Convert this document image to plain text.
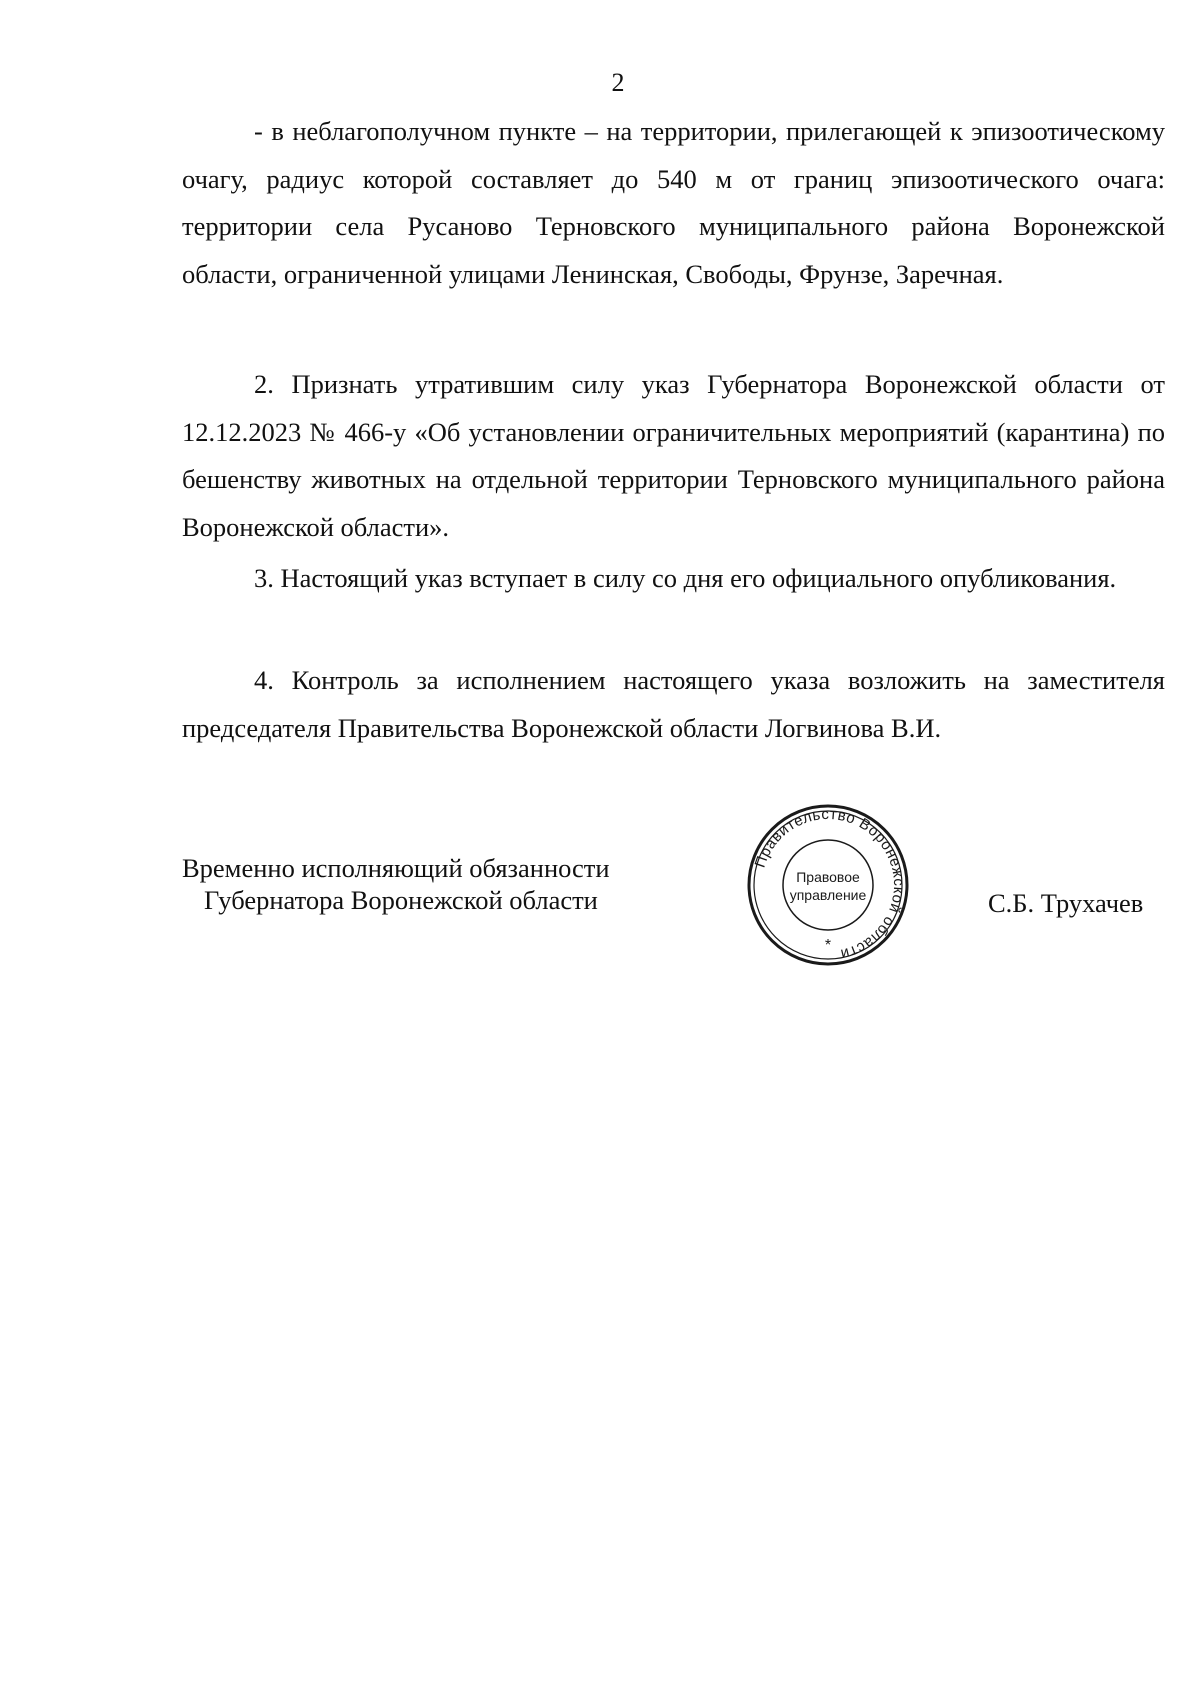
2

- в неблагополучном пункте – на территории, прилегающей к эпизоотическому очагу, радиус которой составляет до 540 м от границ эпизоотического очага: территории села Русаново Терновского муниципального района Воронежской области, ограниченной улицами Ленинская, Свободы, Фрунзе, Заречная.

2. Признать утратившим силу указ Губернатора Воронежской области от 12.12.2023 № 466-у «Об установлении ограничительных мероприятий (карантина) по бешенству животных на отдельной территории Терновского муниципального района Воронежской области».

3. Настоящий указ вступает в силу со дня его официального опубликования.

4. Контроль за исполнением настоящего указа возложить на заместителя председателя Правительства Воронежской области Логвинова В.И.

Временно исполняющий обязанности
Губернатора Воронежской области
Правительство Воронежской области
Правовое
управление
*
С.Б. Трухачев
